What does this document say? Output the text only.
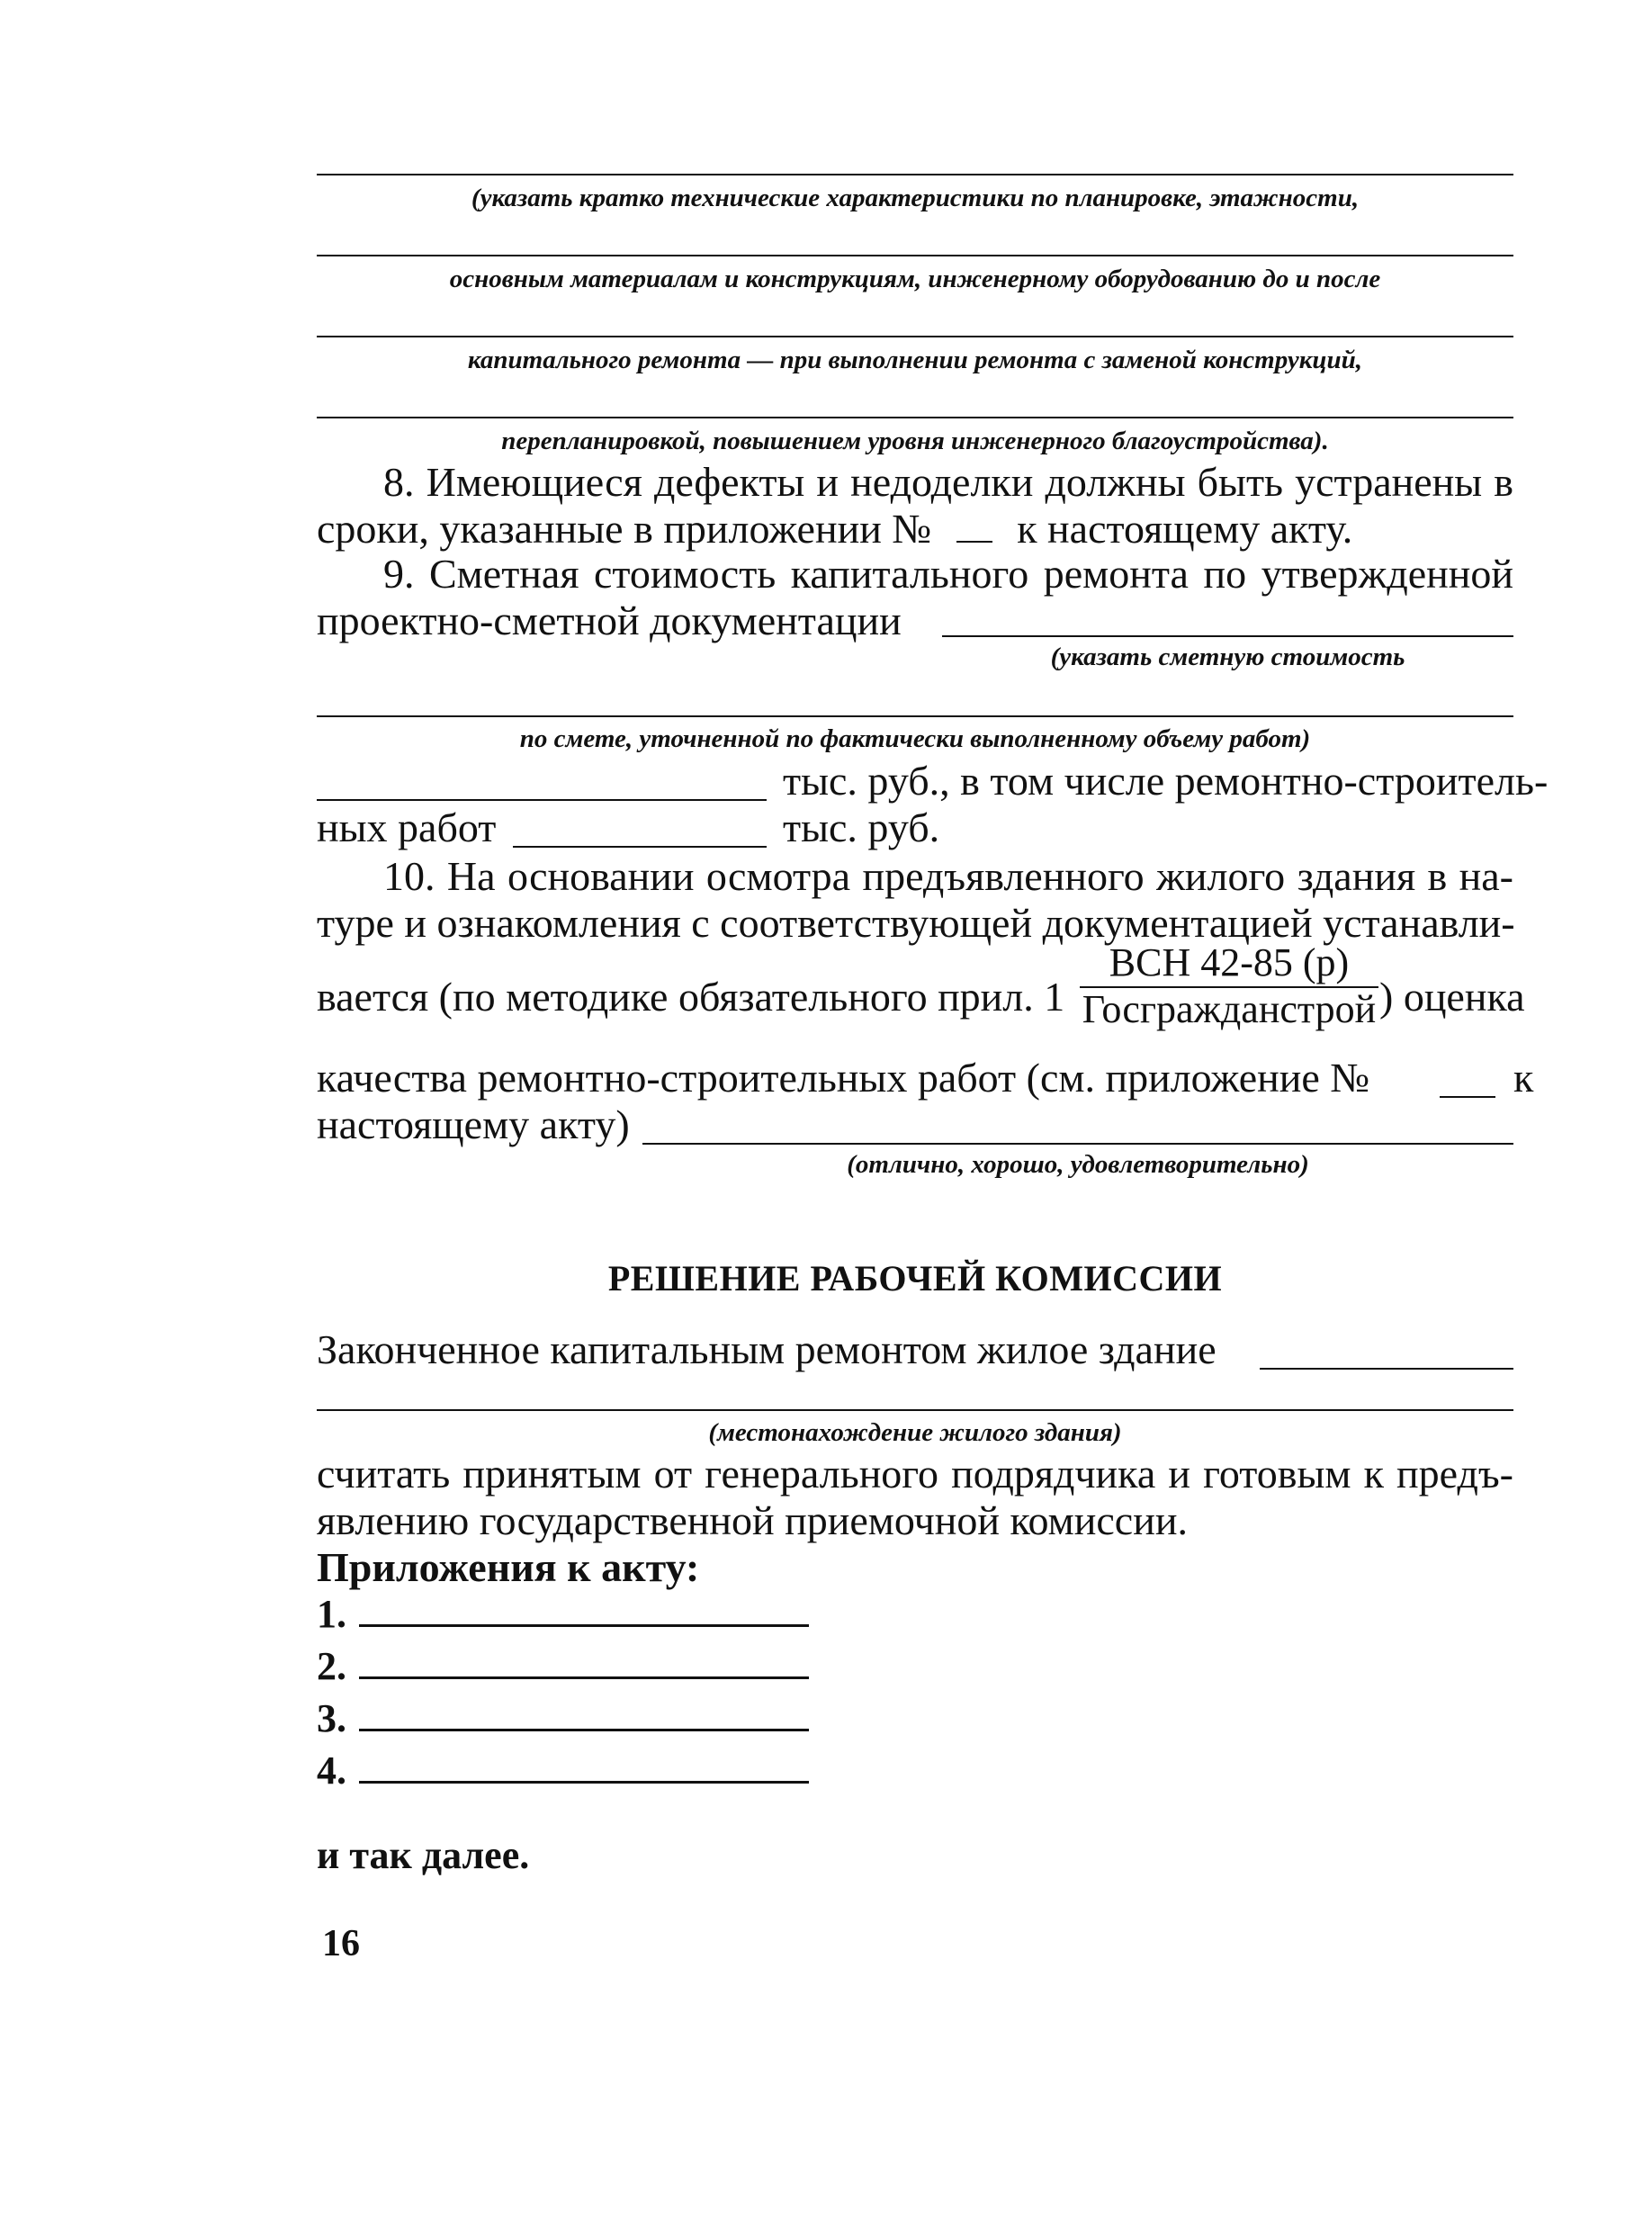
(указать кратко технические характеристики по планировке, этажности,
основным материалам и конструкциям, инженерному оборудованию до и после
капитального ремонта — при выполнении ремонта с заменой конструкций,
перепланировкой, повышением уровня инженерного благоустройства).
8. Имеющиеся дефекты и недоделки должны быть устранены в
сроки, указанные в приложении № к настоящему акту.
9. Сметная стоимость капитального ремонта по утвержденной
проектно-сметной документации
(указать сметную стоимость
по смете, уточненной по фактически выполненному объему работ)
тыс. руб., в том числе ремонтно-строитель-
ных работ	тыс. руб.
10. На основании осмотра предъявленного жилого здания в на-
туре и ознакомления с соответствующей документацией устанавли-
вается (по методике обязательного прил. 1
ВСН 42-85 (р)
Госгражданстрой ) оценка
качества ремонтно-строительных работ (см. приложение №	к
настоящему акту)
(отлично, хорошо, удовлетворительно)
РЕШЕНИЕ РАБОЧЕЙ КОМИССИИ
Законченное капитальным ремонтом жилое здание
(местонахождение жилого здания)
считать принятым от генерального подрядчика и готовым к предъ-
явлению государственной приемочной комиссии.
Приложения к акту:
1.
2.
3.
4.
и так далее.
16
